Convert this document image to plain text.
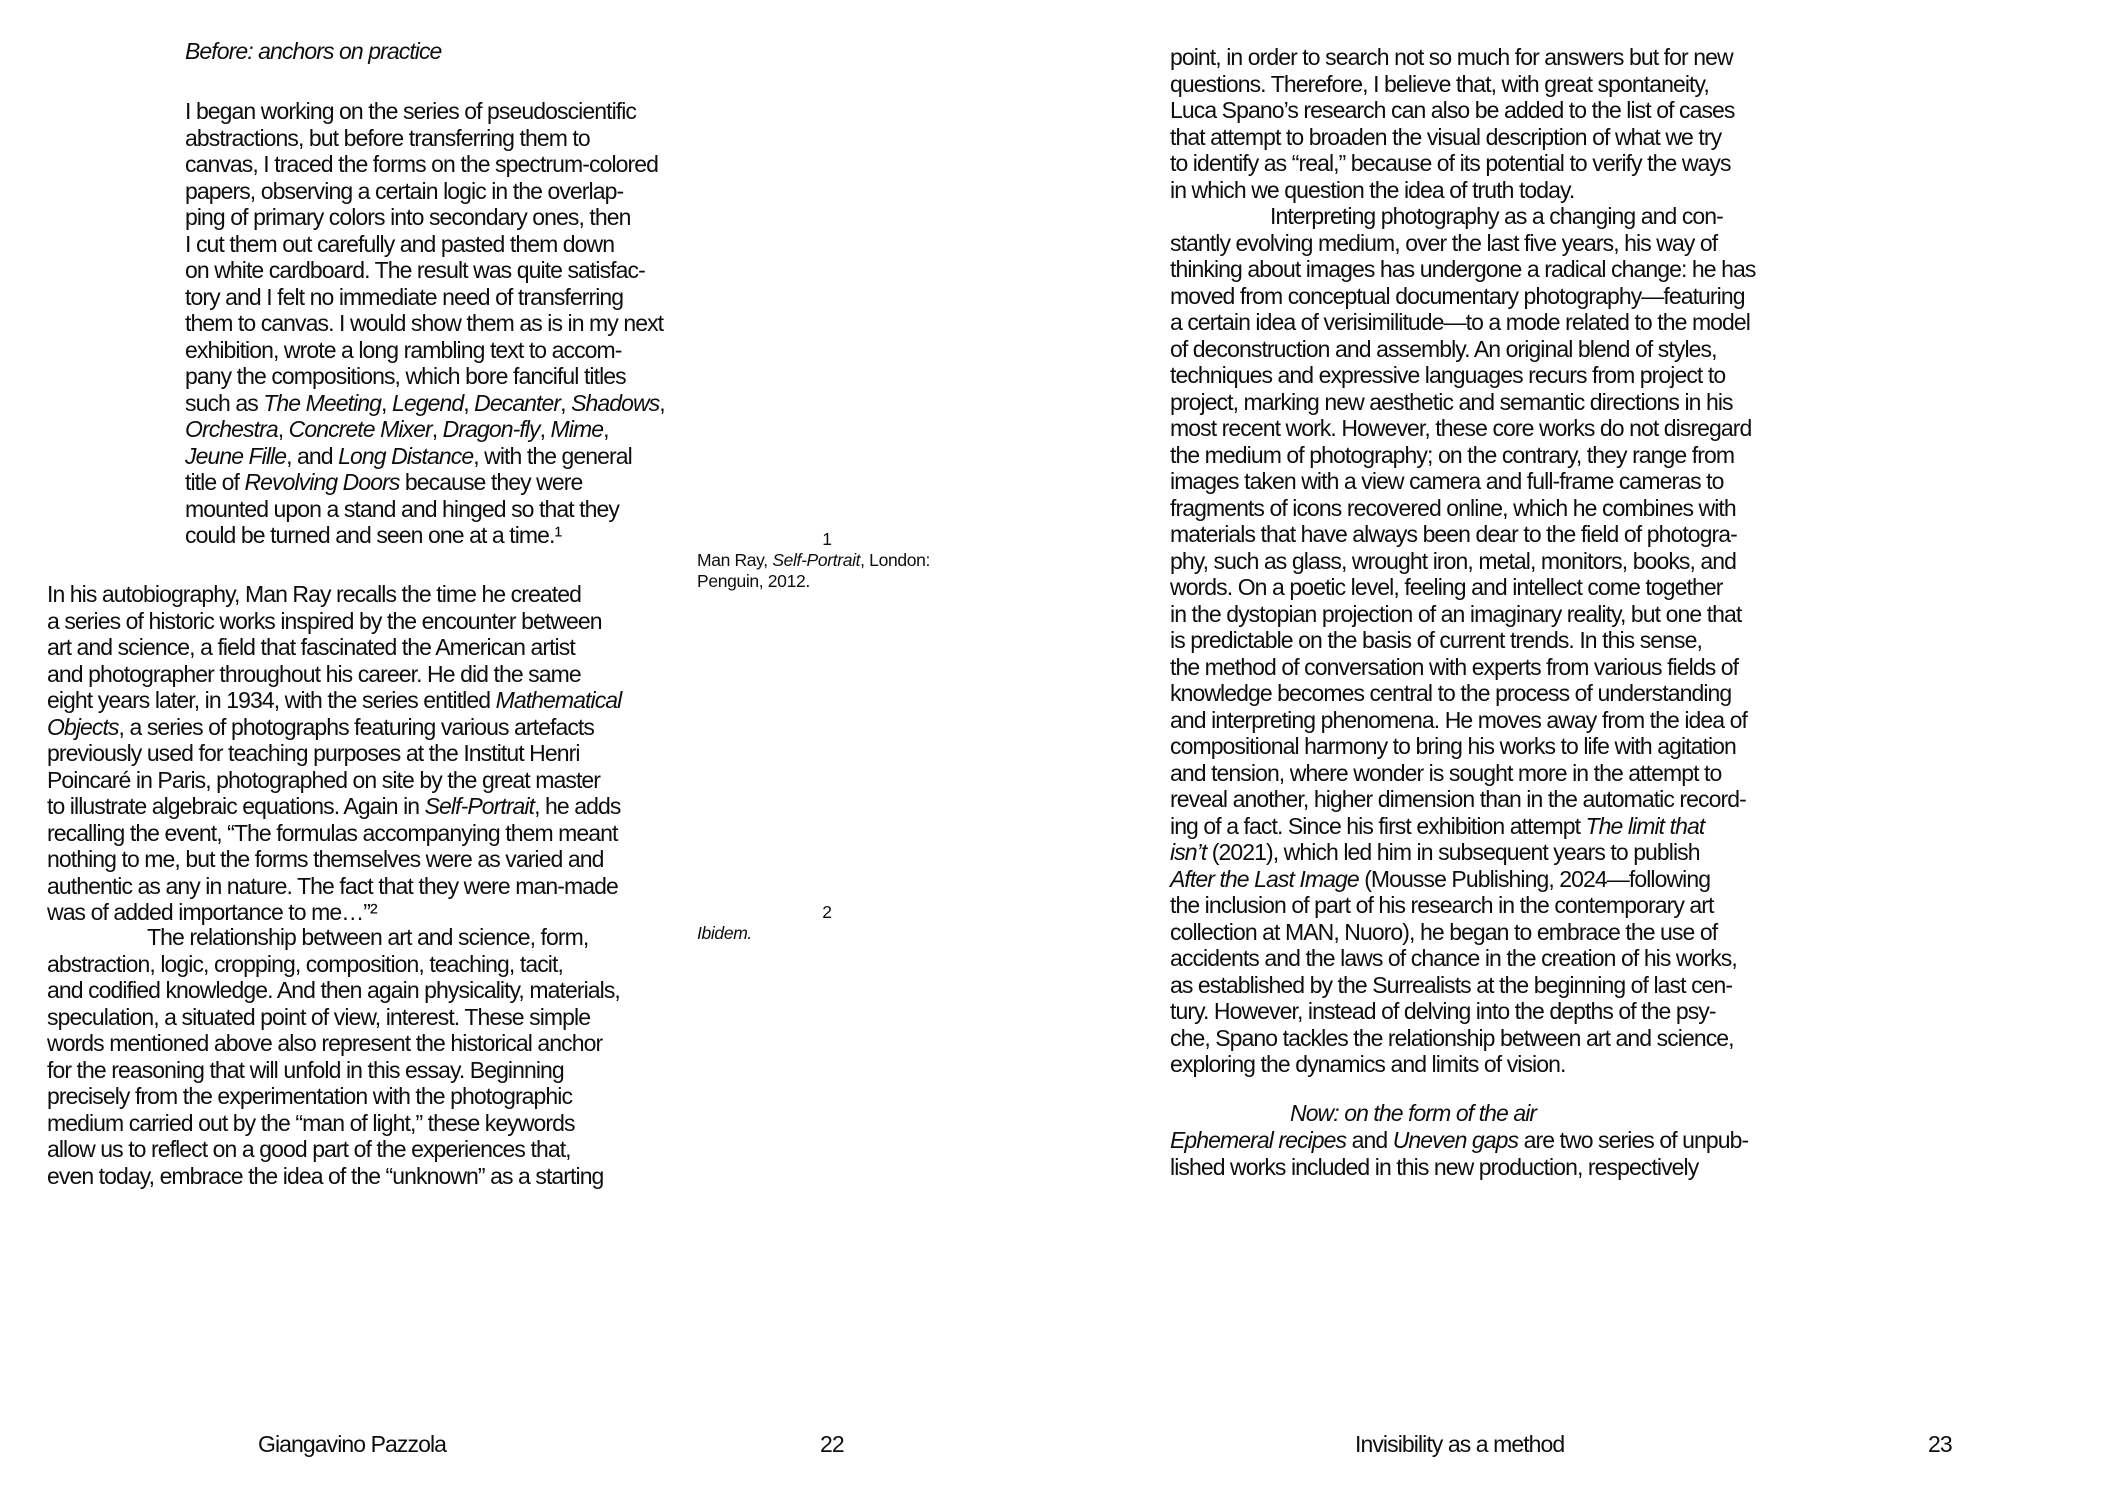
Before: anchors on practice
I began working on the series of pseudoscientific
abstractions, but before transferring them to
canvas, I traced the forms on the spectrum-colored
papers, observing a certain logic in the overlap-
ping of primary colors into secondary ones, then
I cut them out carefully and pasted them down
on white cardboard. The result was quite satisfac-
tory and I felt no immediate need of transferring
them to canvas. I would show them as is in my next
exhibition, wrote a long rambling text to accom-
pany the compositions, which bore fanciful titles
such as The Meeting, Legend, Decanter, Shadows,
Orchestra, Concrete Mixer, Dragon-fly, Mime,
Jeune Fille, and Long Distance, with the general
title of Revolving Doors because they were
mounted upon a stand and hinged so that they
could be turned and seen one at a time.¹	1
Man Ray, Self-Portrait, London:
Penguin, 2012.
In his autobiography, Man Ray recalls the time he created
a series of historic works inspired by the encounter between
art and science, a field that fascinated the American artist
and photographer throughout his career. He did the same
eight years later, in 1934, with the series entitled Mathematical
Objects, a series of photographs featuring various artefacts
previously used for teaching purposes at the Institut Henri
Poincaré in Paris, photographed on site by the great master
to illustrate algebraic equations. Again in Self-Portrait, he adds
recalling the event, “The formulas accompanying them meant
nothing to me, but the forms themselves were as varied and
authentic as any in nature. The fact that they were man-made
was of added importance to me…”²	2
Ibidem.
The relationship between art and science, form,
abstraction, logic, cropping, composition, teaching, tacit,
and codified knowledge. And then again physicality, materials,
speculation, a situated point of view, interest. These simple
words mentioned above also represent the historical anchor
for the reasoning that will unfold in this essay. Beginning
precisely from the experimentation with the photographic
medium carried out by the “man of light,” these keywords
allow us to reflect on a good part of the experiences that,
even today, embrace the idea of the “unknown” as a starting
Giangavino Pazzola	22
point, in order to search not so much for answers but for new
questions. Therefore, I believe that, with great spontaneity,
Luca Spano’s research can also be added to the list of cases
that attempt to broaden the visual description of what we try
to identify as “real,” because of its potential to verify the ways
in which we question the idea of truth today.
Interpreting photography as a changing and con-
stantly evolving medium, over the last five years, his way of
thinking about images has undergone a radical change: he has
moved from conceptual documentary photography—featuring
a certain idea of verisimilitude—to a mode related to the model
of deconstruction and assembly. An original blend of styles,
techniques and expressive languages recurs from project to
project, marking new aesthetic and semantic directions in his
most recent work. However, these core works do not disregard
the medium of photography; on the contrary, they range from
images taken with a view camera and full-frame cameras to
fragments of icons recovered online, which he combines with
materials that have always been dear to the field of photogra-
phy, such as glass, wrought iron, metal, monitors, books, and
words. On a poetic level, feeling and intellect come together
in the dystopian projection of an imaginary reality, but one that
is predictable on the basis of current trends. In this sense,
the method of conversation with experts from various fields of
knowledge becomes central to the process of understanding
and interpreting phenomena. He moves away from the idea of
compositional harmony to bring his works to life with agitation
and tension, where wonder is sought more in the attempt to
reveal another, higher dimension than in the automatic record-
ing of a fact. Since his first exhibition attempt The limit that
isn’t (2021), which led him in subsequent years to publish
After the Last Image (Mousse Publishing, 2024—following
the inclusion of part of his research in the contemporary art
collection at MAN, Nuoro), he began to embrace the use of
accidents and the laws of chance in the creation of his works,
as established by the Surrealists at the beginning of last cen-
tury. However, instead of delving into the depths of the psy-
che, Spano tackles the relationship between art and science,
exploring the dynamics and limits of vision.
Now: on the form of the air
Ephemeral recipes and Uneven gaps are two series of unpub-
lished works included in this new production, respectively
Invisibility as a method	23
